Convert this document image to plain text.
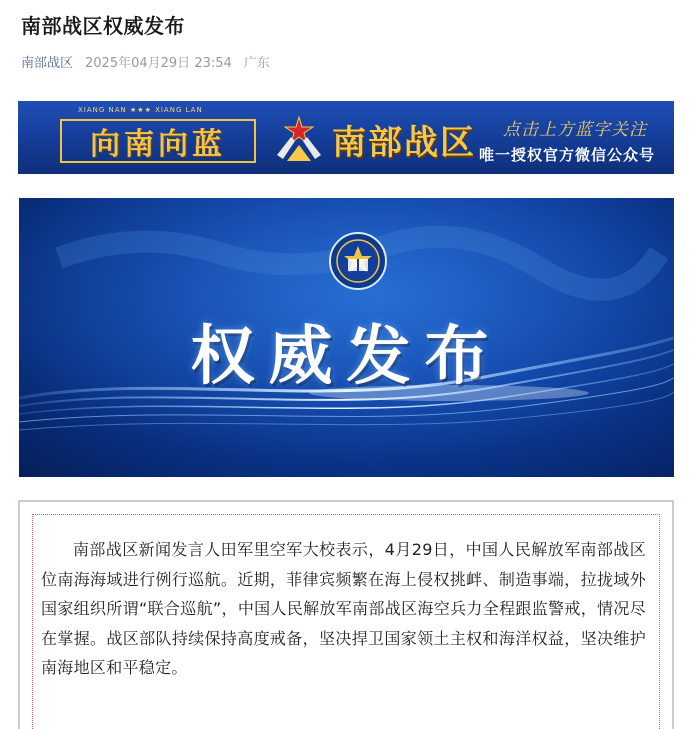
南部战区权威发布
南部战区 2025年04月29日 23:54 广东
XIANG NAN ★★★ XIANG LAN
向南向蓝	南部战区 点击上方蓝字关注
唯一授权官方微信公众号
权威发布
南部战区新闻发言人田军里空军大校表示，4月29日，中国人民解放军南部战区位南海海域进行例行巡航。近期，菲律宾频繁在海上侵权挑衅、制造事端，拉拢域外国家组织所谓“联合巡航”，中国人民解放军南部战区海空兵力全程跟监警戒，情况尽在掌握。战区部队持续保持高度戒备，坚决捍卫国家领土主权和海洋权益，坚决维护南海地区和平稳定。
